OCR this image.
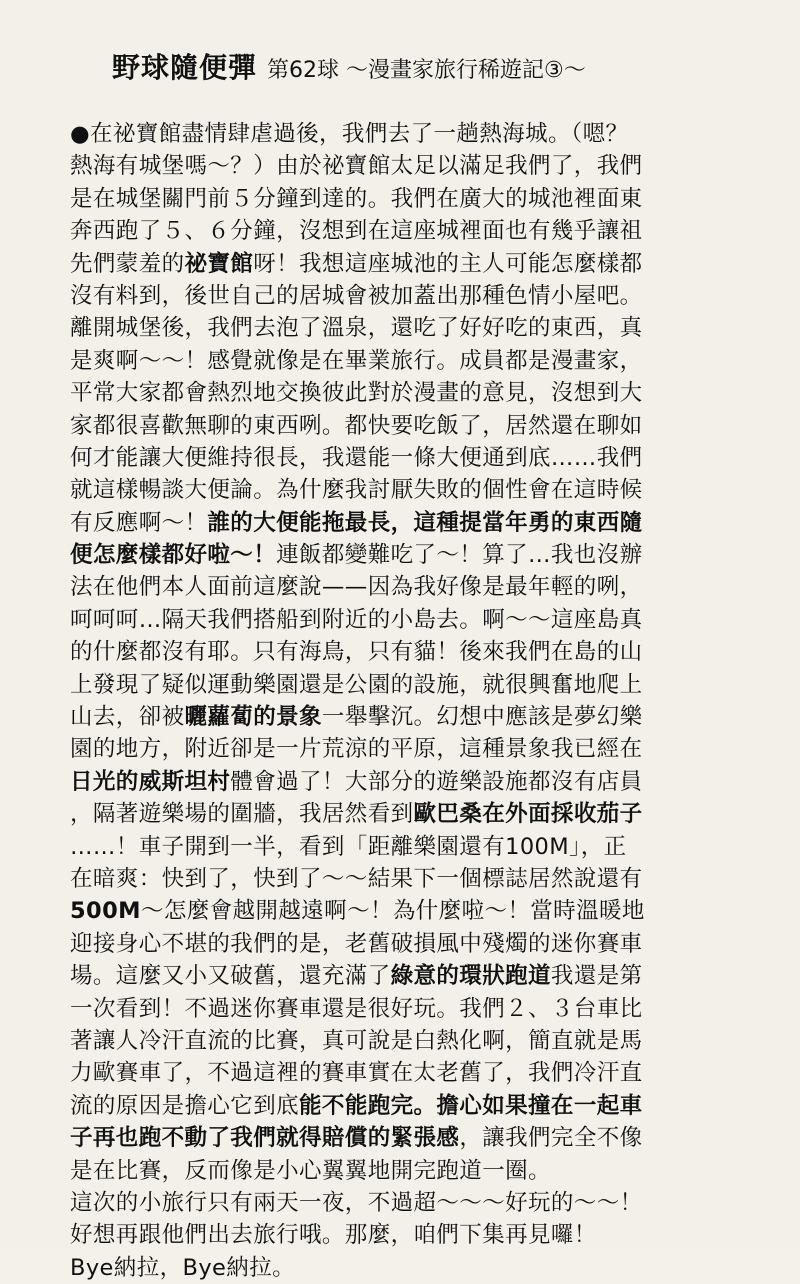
野球隨便彈 第62球 ～漫畫家旅行稀遊記③～
●在祕寶館盡情肆虐過後，我們去了一趟熱海城。（嗯？
熱海有城堡嗎～？）由於祕寶館太足以滿足我們了，我們
是在城堡關門前５分鐘到達的。我們在廣大的城池裡面東
奔西跑了５、６分鐘，沒想到在這座城裡面也有幾乎讓祖
先們蒙羞的祕寶館呀！我想這座城池的主人可能怎麼樣都
沒有料到，後世自己的居城會被加蓋出那種色情小屋吧。
離開城堡後，我們去泡了溫泉，還吃了好好吃的東西，真
是爽啊～～！感覺就像是在畢業旅行。成員都是漫畫家，
平常大家都會熱烈地交換彼此對於漫畫的意見，沒想到大
家都很喜歡無聊的東西咧。都快要吃飯了，居然還在聊如
何才能讓大便維持很長，我還能一條大便通到底……我們
就這樣暢談大便論。為什麼我討厭失敗的個性會在這時候
有反應啊～！誰的大便能拖最長，這種提當年勇的東西隨
便怎麼樣都好啦～！連飯都變難吃了～！算了…我也沒辦
法在他們本人面前這麼說——因為我好像是最年輕的咧，
呵呵呵…隔天我們搭船到附近的小島去。啊～～這座島真
的什麼都沒有耶。只有海鳥，只有貓！後來我們在島的山
上發現了疑似運動樂園還是公園的設施，就很興奮地爬上
山去，卻被曬蘿蔔的景象一舉擊沉。幻想中應該是夢幻樂
園的地方，附近卻是一片荒涼的平原，這種景象我已經在
日光的威斯坦村體會過了！大部分的遊樂設施都沒有店員
，隔著遊樂場的圍牆，我居然看到歐巴桑在外面採收茄子
……！車子開到一半，看到「距離樂園還有100M」，正
在暗爽：快到了，快到了～～結果下一個標誌居然說還有
500M～怎麼會越開越遠啊～！為什麼啦～！當時溫暖地
迎接身心不堪的我們的是，老舊破損風中殘燭的迷你賽車
場。這麼又小又破舊，還充滿了綠意的環狀跑道我還是第
一次看到！不過迷你賽車還是很好玩。我們２、３台車比
著讓人冷汗直流的比賽，真可說是白熱化啊，簡直就是馬
力歐賽車了，不過這裡的賽車實在太老舊了，我們冷汗直
流的原因是擔心它到底能不能跑完。擔心如果撞在一起車
子再也跑不動了我們就得賠償的緊張感，讓我們完全不像
是在比賽，反而像是小心翼翼地開完跑道一圈。
這次的小旅行只有兩天一夜，不過超～～～好玩的～～！
好想再跟他們出去旅行哦。那麼，咱們下集再見囉！
Bye納拉，Bye納拉。
